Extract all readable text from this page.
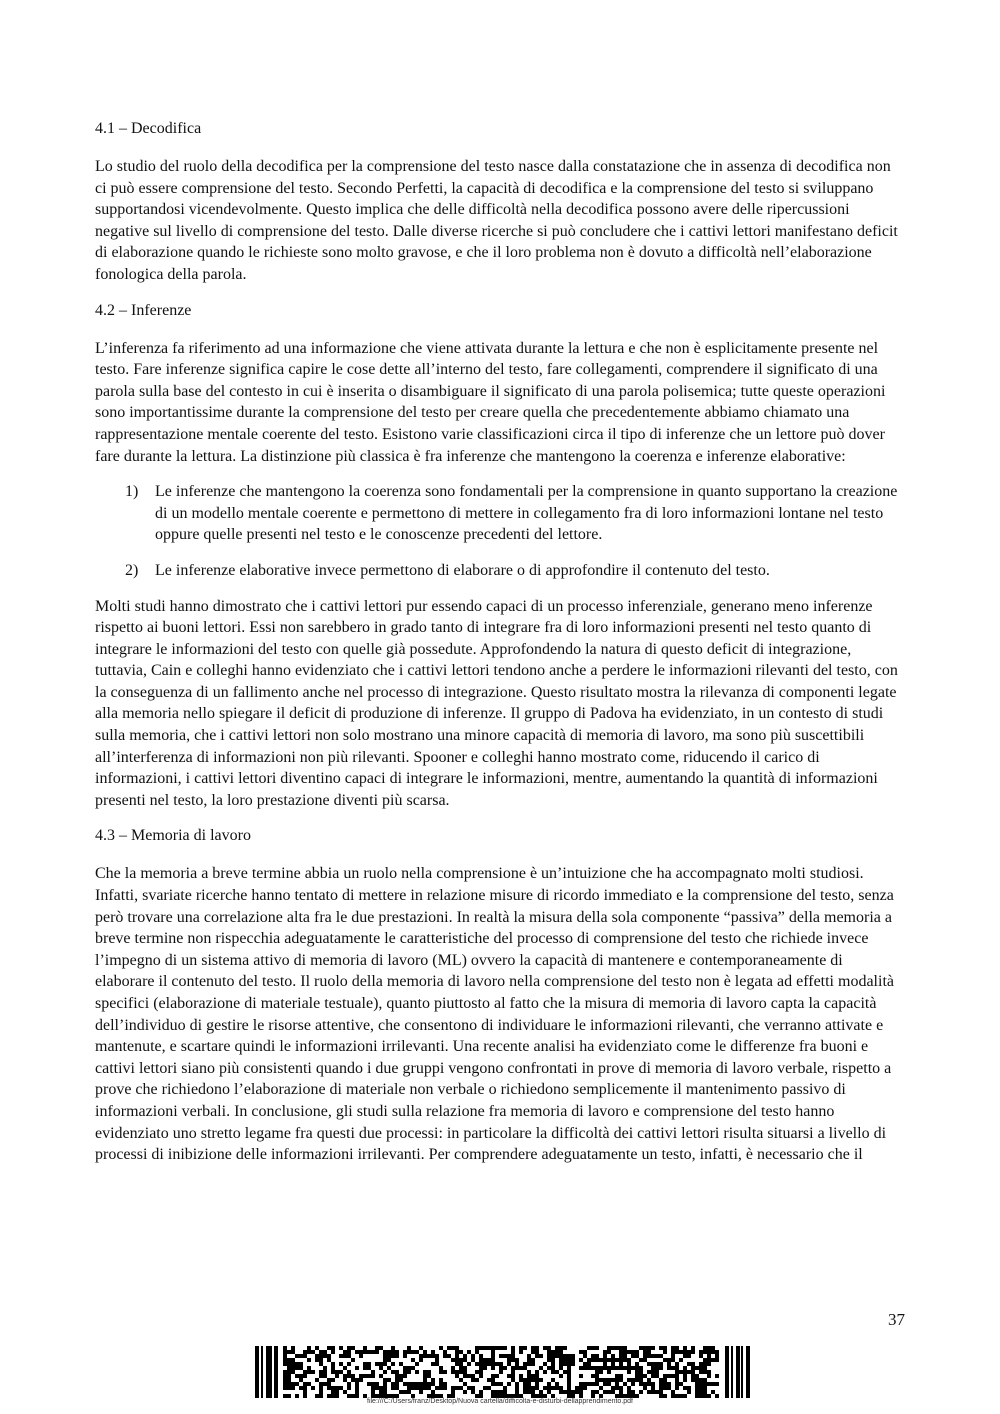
4.1 – Decodifica

Lo studio del ruolo della decodifica per la comprensione del testo nasce dalla constatazione che in assenza di decodifica non ci può essere comprensione del testo. Secondo Perfetti, la capacità di decodifica e la comprensione del testo si sviluppano supportandosi vicendevolmente. Questo implica che delle difficoltà nella decodifica possono avere delle ripercussioni negative sul livello di comprensione del testo. Dalle diverse ricerche si può concludere che i cattivi lettori manifestano deficit di elaborazione quando le richieste sono molto gravose, e che il loro problema non è dovuto a difficoltà nell’elaborazione fonologica della parola.

4.2 – Inferenze

L’inferenza fa riferimento ad una informazione che viene attivata durante la lettura e che non è esplicitamente presente nel testo. Fare inferenze significa capire le cose dette all’interno del testo, fare collegamenti, comprendere il significato di una parola sulla base del contesto in cui è inserita o disambiguare il significato di una parola polisemica; tutte queste operazioni sono importantissime durante la comprensione del testo per creare quella che precedentemente abbiamo chiamato una rappresentazione mentale coerente del testo. Esistono varie classificazioni circa il tipo di inferenze che un lettore può dover fare durante la lettura. La distinzione più classica è fra inferenze che mantengono la coerenza e inferenze elaborative:

1) Le inferenze che mantengono la coerenza sono fondamentali per la comprensione in quanto supportano la creazione di un modello mentale coerente e permettono di mettere in collegamento fra di loro informazioni lontane nel testo oppure quelle presenti nel testo e le conoscenze precedenti del lettore.
2) Le inferenze elaborative invece permettono di elaborare o di approfondire il contenuto del testo.

Molti studi hanno dimostrato che i cattivi lettori pur essendo capaci di un processo inferenziale, generano meno inferenze rispetto ai buoni lettori. Essi non sarebbero in grado tanto di integrare fra di loro informazioni presenti nel testo quanto di integrare le informazioni del testo con quelle già possedute. Approfondendo la natura di questo deficit di integrazione, tuttavia, Cain e colleghi hanno evidenziato che i cattivi lettori tendono anche a perdere le informazioni rilevanti del testo, con la conseguenza di un fallimento anche nel processo di integrazione. Questo risultato mostra la rilevanza di componenti legate alla memoria nello spiegare il deficit di produzione di inferenze. Il gruppo di Padova ha evidenziato, in un contesto di studi sulla memoria, che i cattivi lettori non solo mostrano una minore capacità di memoria di lavoro, ma sono più suscettibili all’interferenza di informazioni non più rilevanti. Spooner e colleghi hanno mostrato come, riducendo il carico di informazioni, i cattivi lettori diventino capaci di integrare le informazioni, mentre, aumentando la quantità di informazioni presenti nel testo, la loro prestazione diventi più scarsa.

4.3 – Memoria di lavoro

Che la memoria a breve termine abbia un ruolo nella comprensione è un’intuizione che ha accompagnato molti studiosi. Infatti, svariate ricerche hanno tentato di mettere in relazione misure di ricordo immediato e la comprensione del testo, senza però trovare una correlazione alta fra le due prestazioni. In realtà la misura della sola componente “passiva” della memoria a breve termine non rispecchia adeguatamente le caratteristiche del processo di comprensione del testo che richiede invece l’impegno di un sistema attivo di memoria di lavoro (ML) ovvero la capacità di mantenere e contemporaneamente di elaborare il contenuto del testo. Il ruolo della memoria di lavoro nella comprensione del testo non è legata ad effetti modalità specifici (elaborazione di materiale testuale), quanto piuttosto al fatto che la misura di memoria di lavoro capta la capacità dell’individuo di gestire le risorse attentive, che consentono di individuare le informazioni rilevanti, che verranno attivate e mantenute, e scartare quindi le informazioni irrilevanti. Una recente analisi ha evidenziato come le differenze fra buoni e cattivi lettori siano più consistenti quando i due gruppi vengono confrontati in prove di memoria di lavoro verbale, rispetto a prove che richiedono l’elaborazione di materiale non verbale o richiedono semplicemente il mantenimento passivo di informazioni verbali. In conclusione, gli studi sulla relazione fra memoria di lavoro e comprensione del testo hanno evidenziato uno stretto legame fra questi due processi: in particolare la difficoltà dei cattivi lettori risulta situarsi a livello di processi di inibizione delle informazioni irrilevanti. Per comprendere adeguatamente un testo, infatti, è necessario che il

37
file:///C:/Users/franz/Desktop/Nuova cartella/difficolta-e-disturbi-dellapprendimento.pdf
